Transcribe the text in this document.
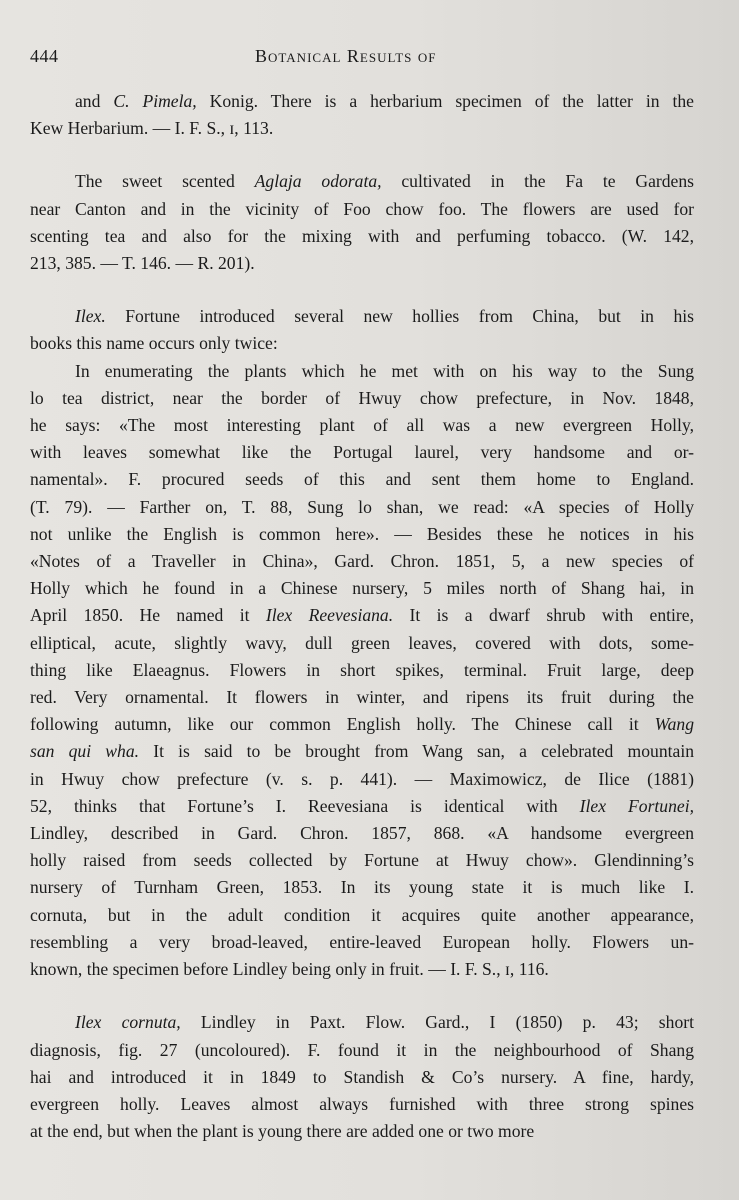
444	Botanical Results of
and C. Pimela, Konig. There is a herbarium specimen of the latter in the
Kew Herbarium. — I. F. S., ɪ, 113.
The sweet scented Aglaja odorata, cultivated in the Fa te Gardens
near Canton and in the vicinity of Foo chow foo. The flowers are used for
scenting tea and also for the mixing with and perfuming tobacco. (W. 142,
213, 385. — T. 146. — R. 201).
Ilex. Fortune introduced several new hollies from China, but in his
books this name occurs only twice:
In enumerating the plants which he met with on his way to the Sung
lo tea district, near the border of Hwuy chow prefecture, in Nov. 1848,
he says: «The most interesting plant of all was a new evergreen Holly,
with leaves somewhat like the Portugal laurel, very handsome and or-
namental». F. procured seeds of this and sent them home to England.
(T. 79). — Farther on, T. 88, Sung lo shan, we read: «A species of Holly
not unlike the English is common here». — Besides these he notices in his
«Notes of a Traveller in China», Gard. Chron. 1851, 5, a new species of
Holly which he found in a Chinese nursery, 5 miles north of Shang hai, in
April 1850. He named it Ilex Reevesiana. It is a dwarf shrub with entire,
elliptical, acute, slightly wavy, dull green leaves, covered with dots, some-
thing like Elaeagnus. Flowers in short spikes, terminal. Fruit large, deep
red. Very ornamental. It flowers in winter, and ripens its fruit during the
following autumn, like our common English holly. The Chinese call it Wang
san qui wha. It is said to be brought from Wang san, a celebrated mountain
in Hwuy chow prefecture (v. s. p. 441). — Maximowicz, de Ilice (1881)
52, thinks that Fortune’s I. Reevesiana is identical with Ilex Fortunei,
Lindley, described in Gard. Chron. 1857, 868. «A handsome evergreen
holly raised from seeds collected by Fortune at Hwuy chow». Glendinning’s
nursery of Turnham Green, 1853. In its young state it is much like I.
cornuta, but in the adult condition it acquires quite another appearance,
resembling a very broad-leaved, entire-leaved European holly. Flowers un-
known, the specimen before Lindley being only in fruit. — I. F. S., ɪ, 116.
Ilex cornuta, Lindley in Paxt. Flow. Gard., I (1850) p. 43; short
diagnosis, fig. 27 (uncoloured). F. found it in the neighbourhood of Shang
hai and introduced it in 1849 to Standish & Co’s nursery. A fine, hardy,
evergreen holly. Leaves almost always furnished with three strong spines
at the end, but when the plant is young there are added one or two more
